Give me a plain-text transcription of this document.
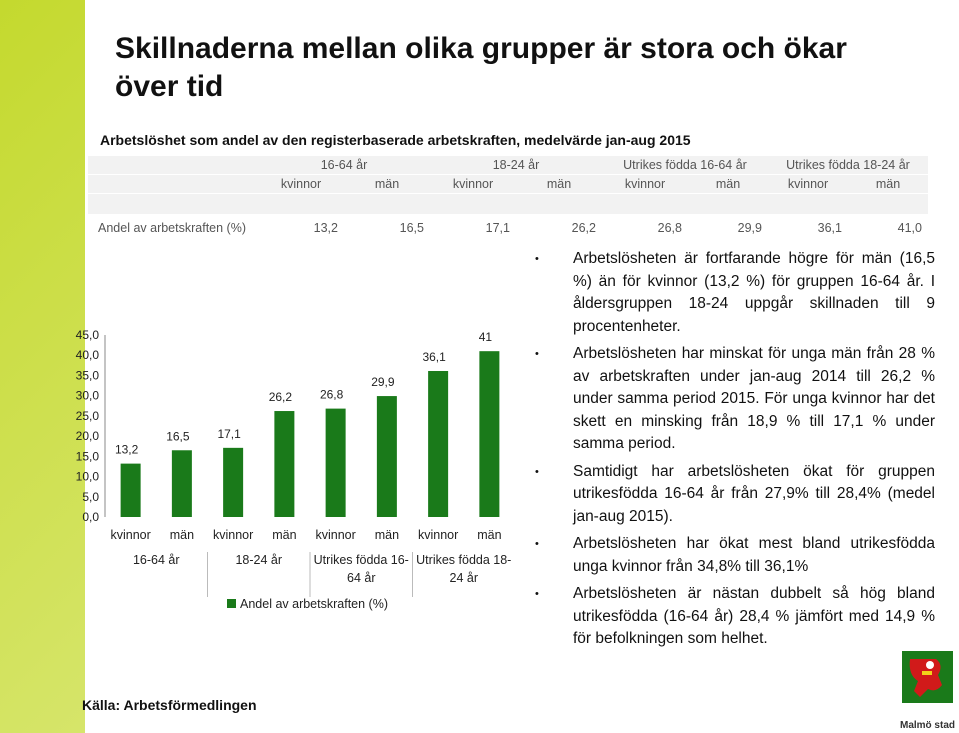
Skillnaderna mellan olika grupper är stora och ökar över tid
Arbetslöshet som andel av den registerbaserade arbetskraften, medelvärde jan-aug 2015
	16-64 år		18-24 år		Utrikes födda 16-64 år		Utrikes födda 18-24 år	
	kvinnor	män	kvinnor	män	kvinnor	män	kvinnor	män

Andel av arbetskraften (%)	13,2	16,5	17,1	26,2	26,8	29,9	36,1	41,0
0,0
5,0
10,0
15,0
20,0
25,0
30,0
35,0
40,0
45,0
13,2
16,5 17,1
26,2 26,8
29,9
36,1
41
kvinnor män kvinnor män kvinnor män kvinnor män
16-64 år	18-24 år	Utrikes födda 16-64 år
Utrikes födda 18-24 år
Andel av arbetskraften (%)
• Arbetslösheten är fortfarande högre för män (16,5 %) än för kvinnor (13,2 %) för gruppen 16-64 år. I åldersgruppen 18-24 uppgår skillnaden till 9 procentenheter.
• Arbetslösheten har minskat för unga män från 28 % av arbetskraften under jan-aug 2014 till 26,2 % under samma period 2015. För unga kvinnor har det skett en minsking från 18,9 % till 17,1 % under samma period.
• Samtidigt har arbetslösheten ökat för gruppen utrikesfödda 16-64 år från 27,9% till 28,4% (medel jan-aug 2015).
• Arbetslösheten har ökat mest bland utrikesfödda unga kvinnor från 34,8% till 36,1%
• Arbetslösheten är nästan dubbelt så hög bland utrikesfödda (16-64 år) 28,4 % jämfört med 14,9 % för befolkningen som helhet.
Källa: Arbetsförmedlingen
Malmö stad
